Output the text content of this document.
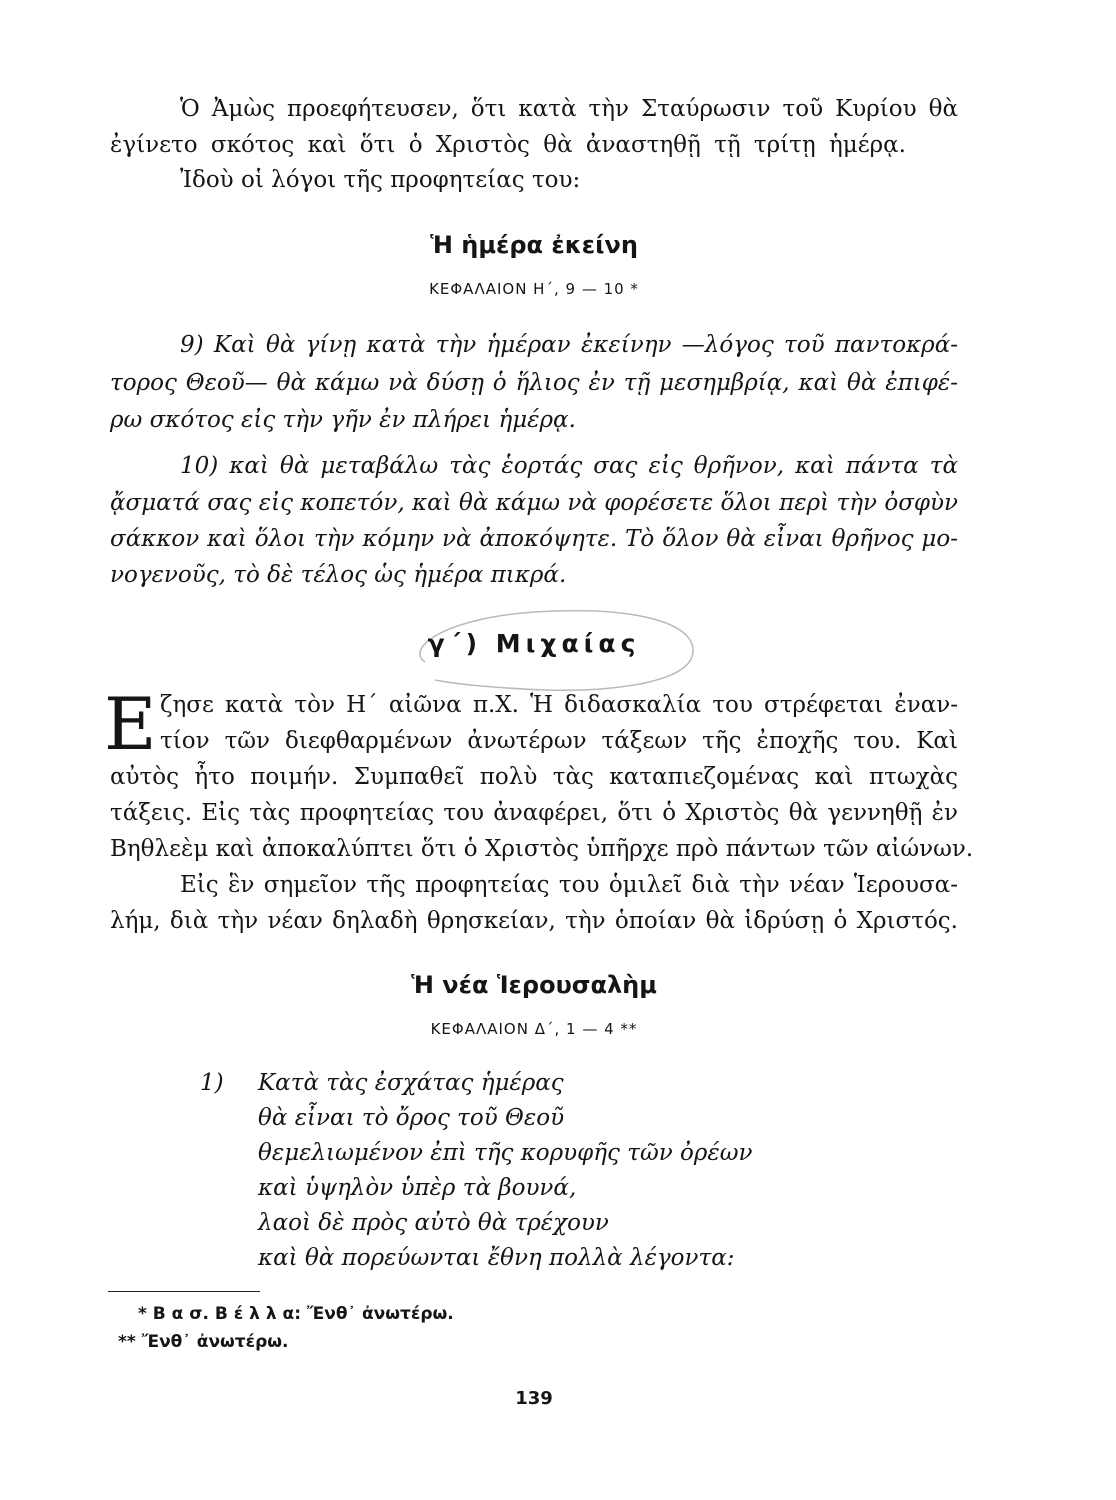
Ὁ Ἀμὼς προεφήτευσεν, ὅτι κατὰ τὴν Σταύρωσιν τοῦ Κυρίου θὰ

ἐγίνετο σκότος καὶ ὅτι ὁ Χριστὸς θὰ ἀναστηθῇ τῇ τρίτῃ ἡμέρᾳ.

Ἰδοὺ οἱ λόγοι τῆς προφητείας του:

Ἡ ἡμέρα ἐκείνη

ΚΕΦΑΛΑΙΟΝ Η΄, 9 — 10 *

9) Καὶ θὰ γίνῃ κατὰ τὴν ἡμέραν ἐκείνην —λόγος τοῦ παντοκρά-

τορος Θεοῦ— θὰ κάμω νὰ δύσῃ ὁ ἥλιος ἐν τῇ μεσημβρίᾳ, καὶ θὰ ἐπιφέ-

ρω σκότος εἰς τὴν γῆν ἐν πλήρει ἡμέρᾳ.

10) καὶ θὰ μεταβάλω τὰς ἑορτάς σας εἰς θρῆνον, καὶ πάντα τὰ

ᾄσματά σας εἰς κοπετόν, καὶ θὰ κάμω νὰ φορέσετε ὅλοι περὶ τὴν ὀσφὺν

σάκκον καὶ ὅλοι τὴν κόμην νὰ ἀποκόψητε. Τὸ ὅλον θὰ εἶναι θρῆνος μο-

νογενοῦς, τὸ δὲ τέλος ὡς ἡμέρα πικρά.

γ΄) Μιχαίας

Ε ζησε κατὰ τὸν Η΄ αἰῶνα π.Χ. Ἡ διδασκαλία του στρέφεται ἐναν-

τίον τῶν διεφθαρμένων ἀνωτέρων τάξεων τῆς ἐποχῆς του. Καὶ

αὐτὸς ἦτο ποιμήν. Συμπαθεῖ πολὺ τὰς καταπιεζομένας καὶ πτωχὰς

τάξεις. Εἰς τὰς προφητείας του ἀναφέρει, ὅτι ὁ Χριστὸς θὰ γεννηθῇ ἐν

Βηθλεὲμ καὶ ἀποκαλύπτει ὅτι ὁ Χριστὸς ὑπῆρχε πρὸ πάντων τῶν αἰώνων.

Εἰς ἓν σημεῖον τῆς προφητείας του ὁμιλεῖ διὰ τὴν νέαν Ἱερουσα-

λήμ, διὰ τὴν νέαν δηλαδὴ θρησκείαν, τὴν ὁποίαν θὰ ἱδρύσῃ ὁ Χριστός.

Ἡ νέα Ἱερουσαλὴμ

ΚΕΦΑΛΑΙΟΝ Δ΄, 1 — 4 **

1)	Κατὰ τὰς ἐσχάτας ἡμέρας

θὰ εἶναι τὸ ὄρος τοῦ Θεοῦ

θεμελιωμένον ἐπὶ τῆς κορυφῆς τῶν ὀρέων

καὶ ὑψηλὸν ὑπὲρ τὰ βουνά,

λαοὶ δὲ πρὸς αὐτὸ θὰ τρέχουν

καὶ θὰ πορεύωνται ἔθνη πολλὰ λέγοντα:

* Β α σ. Β έ λ λ α: Ἔνθ᾽ ἀνωτέρω.

** Ἔνθ᾽ ἀνωτέρω.

139
